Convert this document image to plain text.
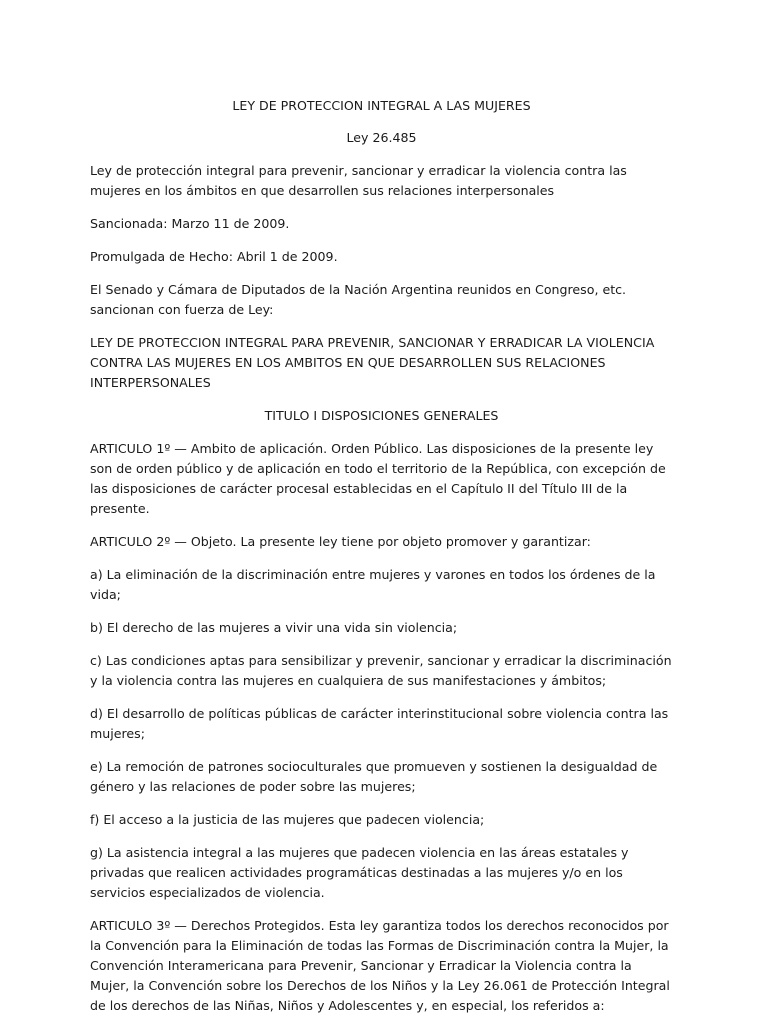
LEY DE PROTECCION INTEGRAL A LAS MUJERES

Ley 26.485

Ley de protección integral para prevenir, sancionar y erradicar la violencia contra las mujeres en los ámbitos en que desarrollen sus relaciones interpersonales

Sancionada: Marzo 11 de 2009.

Promulgada de Hecho: Abril 1 de 2009.

El Senado y Cámara de Diputados de la Nación Argentina reunidos en Congreso, etc. sancionan con fuerza de Ley:

LEY DE PROTECCION INTEGRAL PARA PREVENIR, SANCIONAR Y ERRADICAR LA VIOLENCIA CONTRA LAS MUJERES EN LOS AMBITOS EN QUE DESARROLLEN SUS RELACIONES INTERPERSONALES

TITULO I DISPOSICIONES GENERALES

ARTICULO 1º — Ambito de aplicación. Orden Público. Las disposiciones de la presente ley son de orden público y de aplicación en todo el territorio de la República, con excepción de las disposiciones de carácter procesal establecidas en el Capítulo II del Título III de la presente.

ARTICULO 2º — Objeto. La presente ley tiene por objeto promover y garantizar:

a) La eliminación de la discriminación entre mujeres y varones en todos los órdenes de la vida;

b) El derecho de las mujeres a vivir una vida sin violencia;

c) Las condiciones aptas para sensibilizar y prevenir, sancionar y erradicar la discriminación y la violencia contra las mujeres en cualquiera de sus manifestaciones y ámbitos;

d) El desarrollo de políticas públicas de carácter interinstitucional sobre violencia contra las mujeres;

e) La remoción de patrones socioculturales que promueven y sostienen la desigualdad de género y las relaciones de poder sobre las mujeres;

f) El acceso a la justicia de las mujeres que padecen violencia;

g) La asistencia integral a las mujeres que padecen violencia en las áreas estatales y privadas que realicen actividades programáticas destinadas a las mujeres y/o en los servicios especializados de violencia.

ARTICULO 3º — Derechos Protegidos. Esta ley garantiza todos los derechos reconocidos por la Convención para la Eliminación de todas las Formas de Discriminación contra la Mujer, la Convención Interamericana para Prevenir, Sancionar y Erradicar la Violencia contra la Mujer, la Convención sobre los Derechos de los Niños y la Ley 26.061 de Protección Integral de los derechos de las Niñas, Niños y Adolescentes y, en especial, los referidos a:
